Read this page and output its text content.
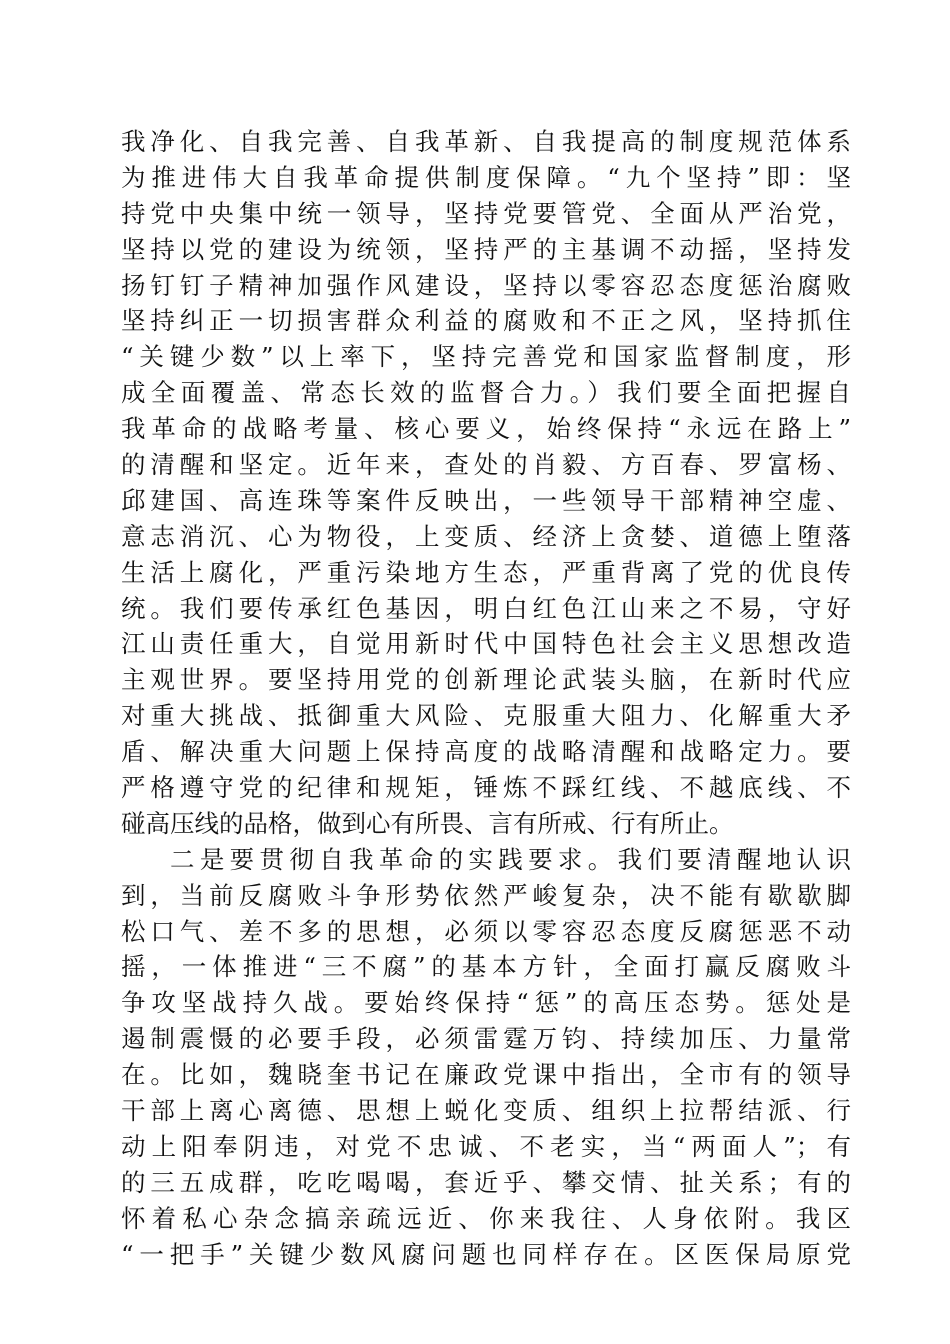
我净化、自我完善、自我革新、自我提高的制度规范体系
为推进伟大自我革命提供制度保障。“九个坚持”即：坚
持党中央集中统一领导，坚持党要管党、全面从严治党，
坚持以党的建设为统领，坚持严的主基调不动摇，坚持发
扬钉钉子精神加强作风建设，坚持以零容忍态度惩治腐败
坚持纠正一切损害群众利益的腐败和不正之风，坚持抓住
“关键少数”以上率下，坚持完善党和国家监督制度，形
成全面覆盖、常态长效的监督合力。）我们要全面把握自
我革命的战略考量、核心要义，始终保持“永远在路上”
的清醒和坚定。近年来，查处的肖毅、方百春、罗富杨、
邱建国、高连珠等案件反映出，一些领导干部精神空虚、
意志消沉、心为物役，上变质、经济上贪婪、道德上堕落
生活上腐化，严重污染地方生态，严重背离了党的优良传
统。我们要传承红色基因，明白红色江山来之不易，守好
江山责任重大，自觉用新时代中国特色社会主义思想改造
主观世界。要坚持用党的创新理论武装头脑，在新时代应
对重大挑战、抵御重大风险、克服重大阻力、化解重大矛
盾、解决重大问题上保持高度的战略清醒和战略定力。要
严格遵守党的纪律和规矩，锤炼不踩红线、不越底线、不
碰高压线的品格，做到心有所畏、言有所戒、行有所止。
二是要贯彻自我革命的实践要求。我们要清醒地认识
到，当前反腐败斗争形势依然严峻复杂，决不能有歇歇脚
松口气、差不多的思想，必须以零容忍态度反腐惩恶不动
摇，一体推进“三不腐”的基本方针，全面打赢反腐败斗
争攻坚战持久战。要始终保持“惩”的高压态势。惩处是
遏制震慑的必要手段，必须雷霆万钧、持续加压、力量常
在。比如，魏晓奎书记在廉政党课中指出，全市有的领导
干部上离心离德、思想上蜕化变质、组织上拉帮结派、行
动上阳奉阴违，对党不忠诚、不老实，当“两面人”；有
的三五成群，吃吃喝喝，套近乎、攀交情、扯关系；有的
怀着私心杂念搞亲疏远近、你来我往、人身依附。我区
“一把手”关键少数风腐问题也同样存在。区医保局原党
